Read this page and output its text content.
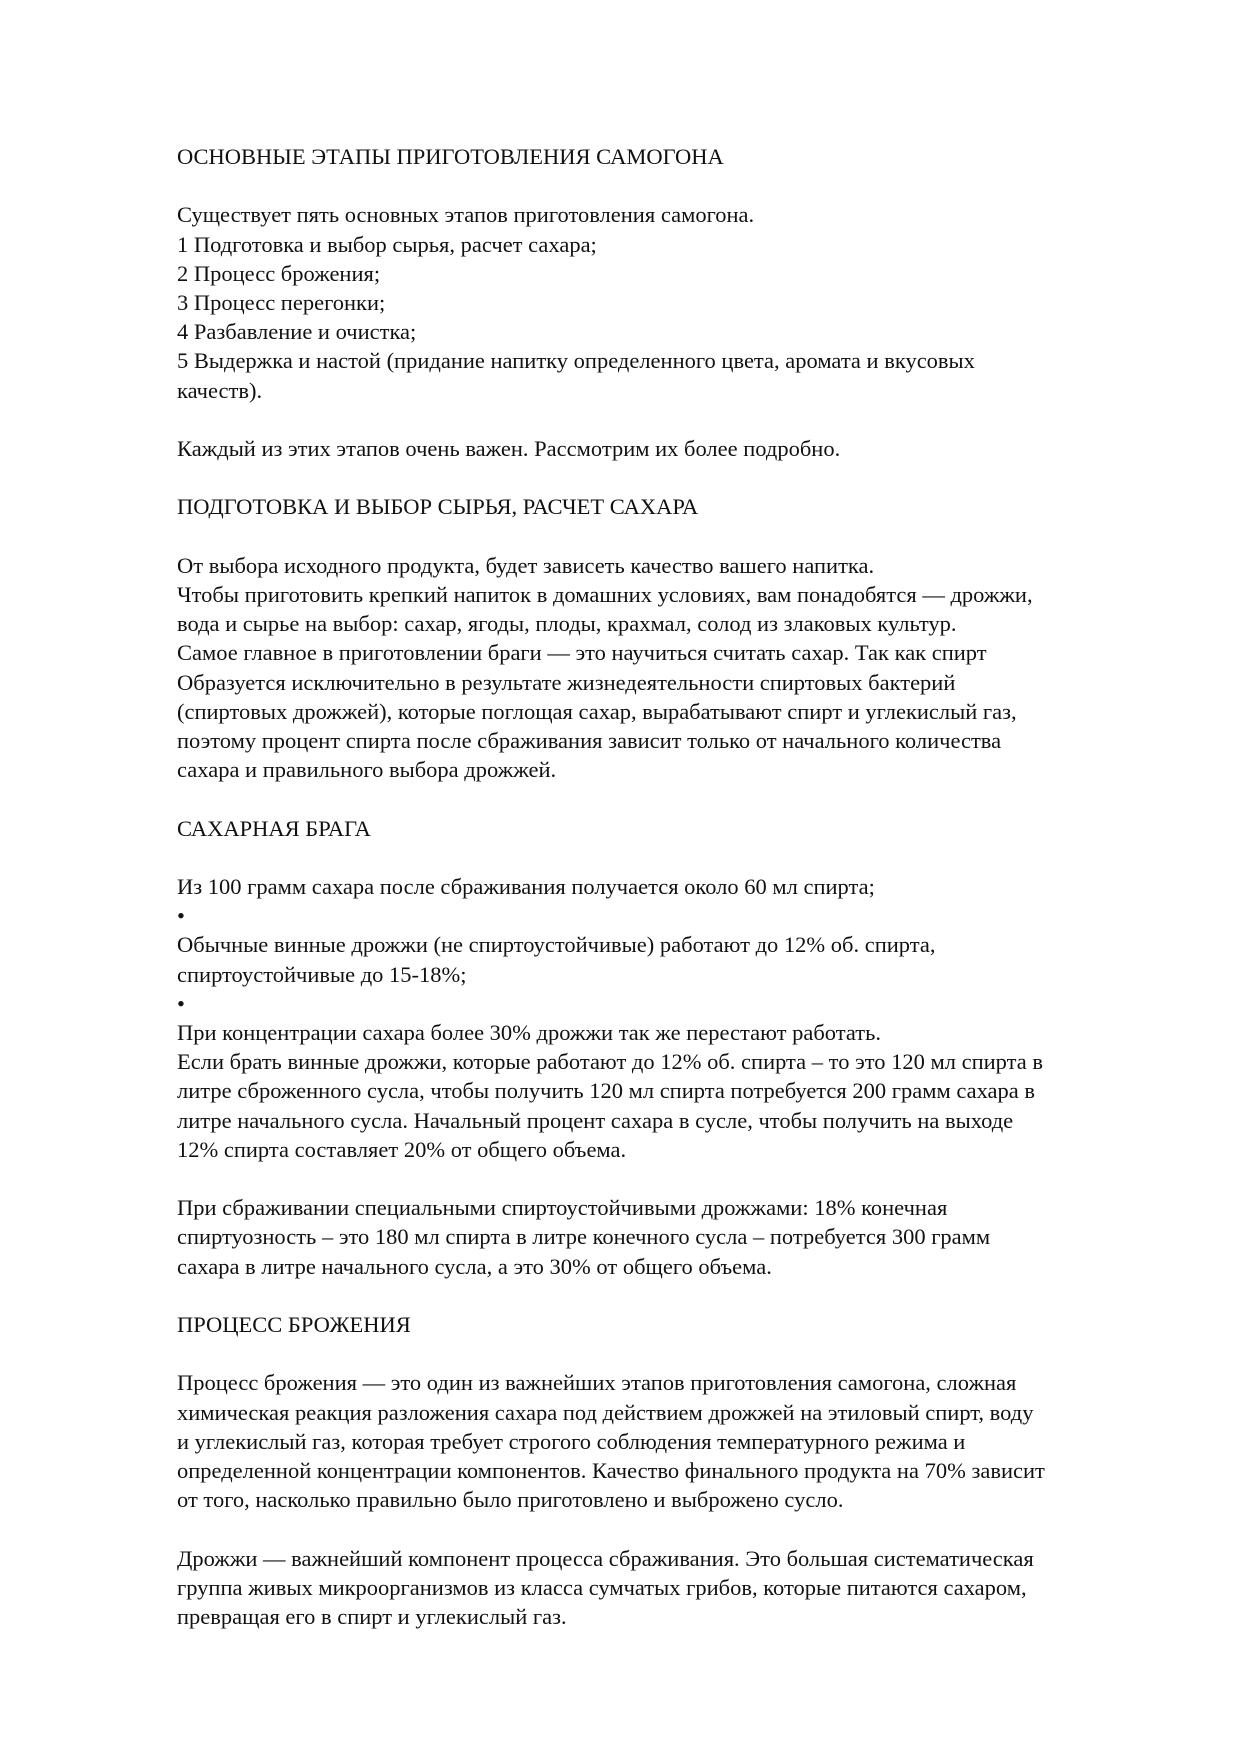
ОСНОВНЫЕ ЭТАПЫ ПРИГОТОВЛЕНИЯ САМОГОНА

Существует пять основных этапов приготовления самогона.
1 Подготовка и выбор сырья, расчет сахара;
2 Процесс брожения;
3 Процесс перегонки;
4 Разбавление и очистка;
5 Выдержка и настой (придание напитку определенного цвета, аромата и вкусовых
качеств).

Каждый из этих этапов очень важен. Рассмотрим их более подробно.

ПОДГОТОВКА И ВЫБОР СЫРЬЯ, РАСЧЕТ САХАРА

От выбора исходного продукта, будет зависеть качество вашего напитка.
Чтобы приготовить крепкий напиток в домашних условиях, вам понадобятся — дрожжи,
вода и сырье на выбор: сахар, ягоды, плоды, крахмал, солод из злаковых культур.
Самое главное в приготовлении браги — это научиться считать сахар. Так как спирт
Образуется исключительно в результате жизнедеятельности спиртовых бактерий
(спиртовых дрожжей), которые поглощая сахар, вырабатывают спирт и углекислый газ,
поэтому процент спирта после сбраживания зависит только от начального количества
сахара и правильного выбора дрожжей.

САХАРНАЯ БРАГА

Из 100 грамм сахара после сбраживания получается около 60 мл спирта;

•

Обычные винные дрожжи (не спиртоустойчивые) работают до 12% об. спирта,
спиртоустойчивые до 15-18%;

•

При концентрации сахара более 30% дрожжи так же перестают работать.
Если брать винные дрожжи, которые работают до 12% об. спирта – то это 120 мл спирта в
литре сброженного сусла, чтобы получить 120 мл спирта потребуется 200 грамм сахара в
литре начального сусла. Начальный процент сахара в сусле, чтобы получить на выходе
12% спирта составляет 20% от общего объема.

При сбраживании специальными спиртоустойчивыми дрожжами: 18% конечная
спиртуозность – это 180 мл спирта в литре конечного сусла – потребуется 300 грамм
сахара в литре начального сусла, а это 30% от общего объема.

ПРОЦЕСС БРОЖЕНИЯ

Процесс брожения — это один из важнейших этапов приготовления самогона, сложная
химическая реакция разложения сахара под действием дрожжей на этиловый спирт, воду
и углекислый газ, которая требует строгого соблюдения температурного режима и
определенной концентрации компонентов. Качество финального продукта на 70% зависит
от того, насколько правильно было приготовлено и выброжено сусло.

Дрожжи — важнейший компонент процесса сбраживания. Это большая систематическая
группа живых микроорганизмов из класса сумчатых грибов, которые питаются сахаром,
превращая его в спирт и углекислый газ.
